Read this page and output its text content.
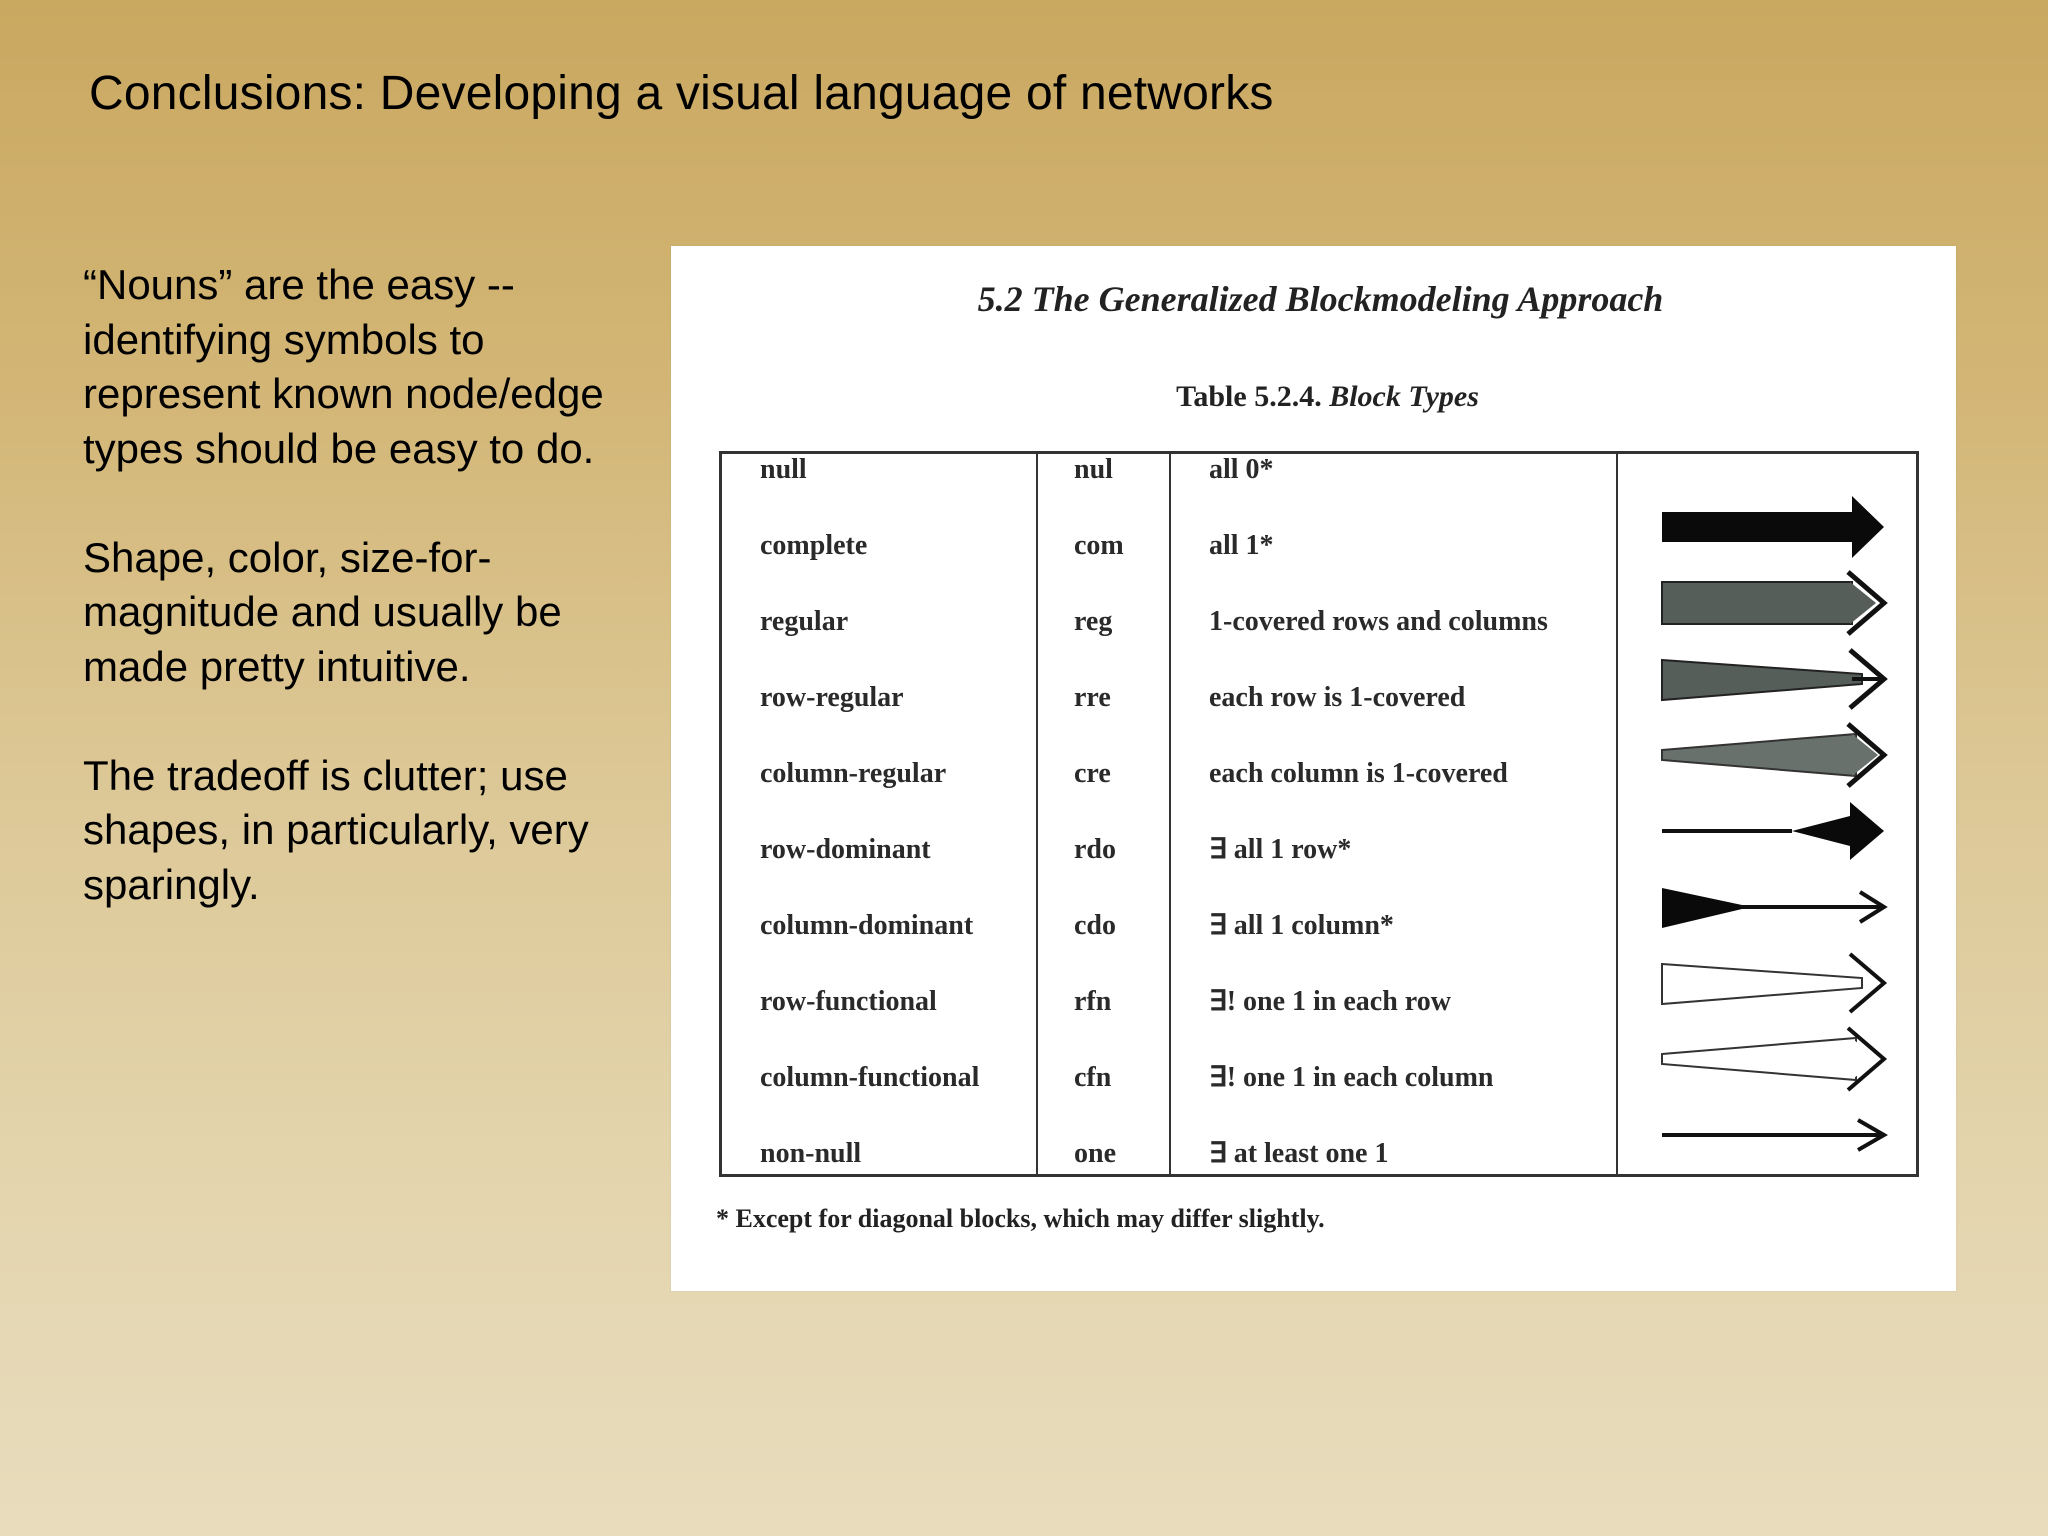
Conclusions: Developing a visual language of networks

“Nouns” are the easy -- identifying symbols to represent known node/edge types should be easy to do.

Shape, color, size-for-magnitude and usually be made pretty intuitive.

The tradeoff is clutter; use shapes, in particularly, very sparingly.

5.2 The Generalized Blockmodeling Approach
Table 5.2.4. Block Types
null	nul	all 0*
complete	com	all 1*
regular	reg	1-covered rows and columns
row-regular	rre	each row is 1-covered
column-regular	cre	each column is 1-covered
row-dominant	rdo	∃ all 1 row*
column-dominant	cdo	∃ all 1 column*
row-functional	rfn	∃! one 1 in each row
column-functional	cfn	∃! one 1 in each column
non-null	one	∃ at least one 1
* Except for diagonal blocks, which may differ slightly.
